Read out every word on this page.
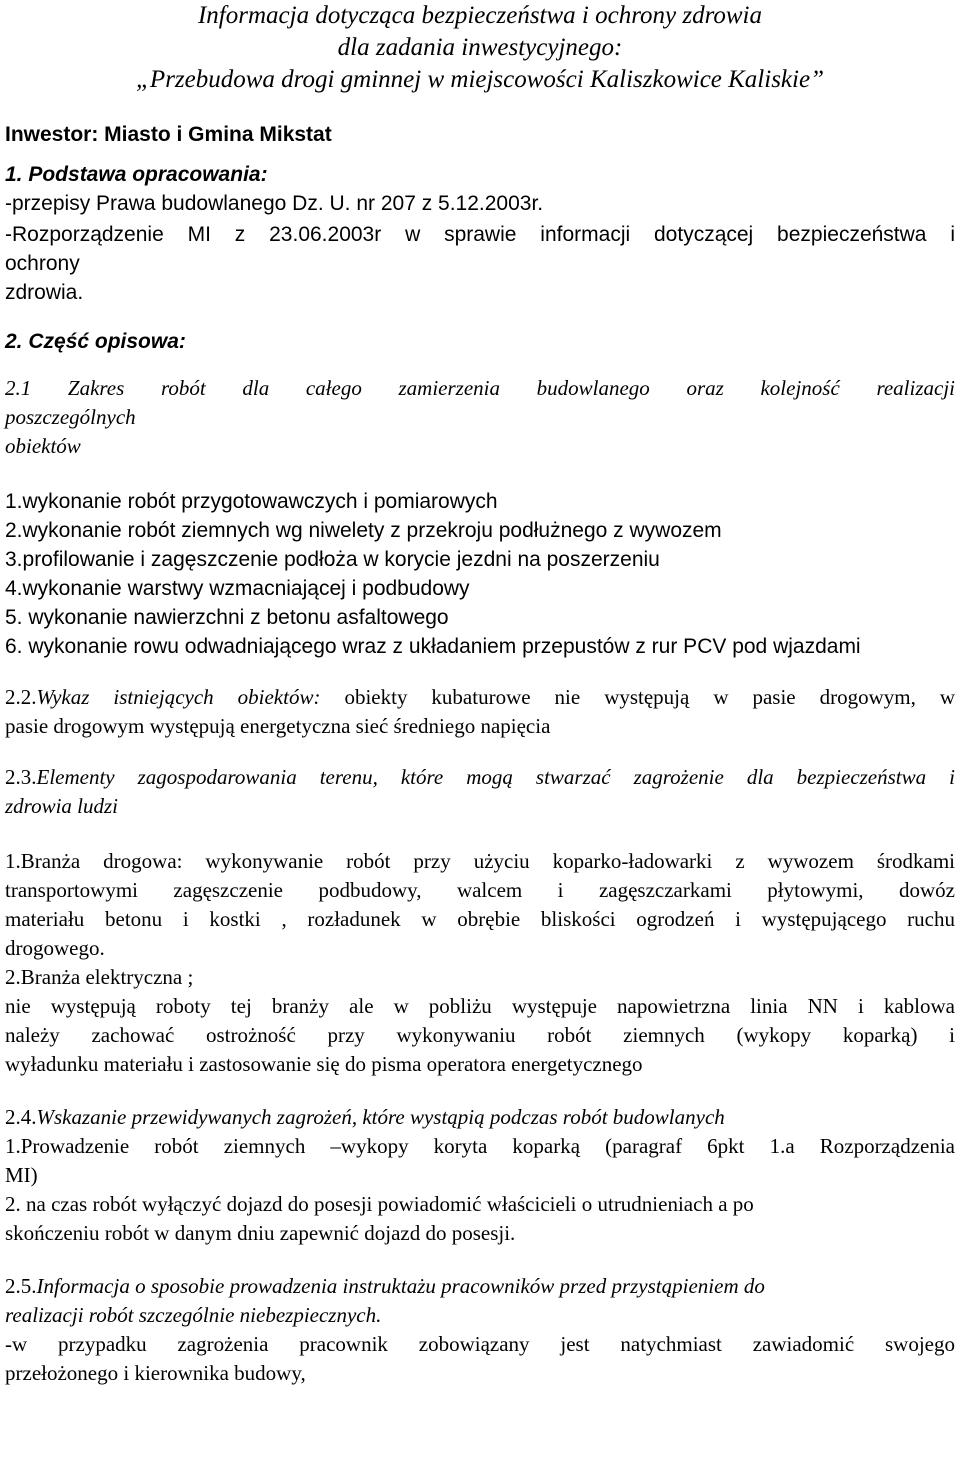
Informacja dotycząca bezpieczeństwa i ochrony zdrowia
dla zadania inwestycyjnego:
„Przebudowa drogi gminnej w miejscowości Kaliszkowice Kaliskie”
Inwestor: Miasto i Gmina Mikstat
1. Podstawa opracowania:
-przepisy Prawa budowlanego Dz. U. nr 207 z 5.12.2003r.
-Rozporządzenie MI z 23.06.2003r w sprawie informacji dotyczącej bezpieczeństwa i
ochrony
zdrowia.
2. Część opisowa:
2.1 Zakres robót dla całego zamierzenia budowlanego oraz kolejność realizacji
poszczególnych
obiektów
1.wykonanie robót przygotowawczych i pomiarowych
2.wykonanie robót ziemnych wg niwelety z przekroju podłużnego z wywozem
3.profilowanie i zagęszczenie podłoża w korycie jezdni na poszerzeniu
4.wykonanie warstwy wzmacniającej i podbudowy
5. wykonanie nawierzchni z betonu asfaltowego
6. wykonanie rowu odwadniającego wraz z układaniem przepustów z rur PCV pod wjazdami
2.2.Wykaz istniejących obiektów: obiekty kubaturowe nie występują w pasie drogowym, w
pasie drogowym występują energetyczna sieć średniego napięcia
2.3.Elementy zagospodarowania terenu, które mogą stwarzać zagrożenie dla bezpieczeństwa i
zdrowia ludzi
1.Branża drogowa: wykonywanie robót przy użyciu koparko-ładowarki z wywozem środkami
transportowymi zagęszczenie podbudowy, walcem i zagęszczarkami płytowymi, dowóz
materiału betonu i kostki , rozładunek w obrębie bliskości ogrodzeń i występującego ruchu
drogowego.
2.Branża elektryczna ;
nie występują roboty tej branży ale w pobliżu występuje napowietrzna linia NN i kablowa
należy zachować ostrożność przy wykonywaniu robót ziemnych (wykopy koparką) i
wyładunku materiału i zastosowanie się do pisma operatora energetycznego
2.4.Wskazanie przewidywanych zagrożeń, które wystąpią podczas robót budowlanych
1.Prowadzenie robót ziemnych –wykopy koryta koparką (paragraf 6pkt 1.a Rozporządzenia
MI)
2. na czas robót wyłączyć dojazd do posesji powiadomić właścicieli o utrudnieniach a po
skończeniu robót w danym dniu zapewnić dojazd do posesji.
2.5.Informacja o sposobie prowadzenia instruktażu pracowników przed przystąpieniem do
realizacji robót szczególnie niebezpiecznych.
-w przypadku zagrożenia pracownik zobowiązany jest natychmiast zawiadomić swojego
przełożonego i kierownika budowy,
